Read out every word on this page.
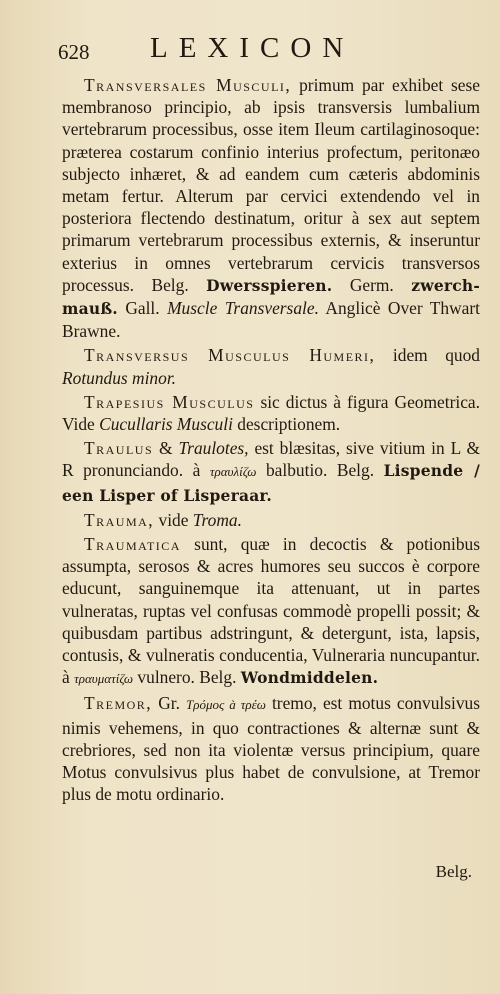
628 LEXICON

Transversales Musculi, primum par exhibet sese membranoso principio, ab ipsis transversis lumbalium vertebrarum processibus, osse item Ileum cartilaginosoque: præterea costarum confinio interius profectum, peritonæo subjecto inhæret, & ad eandem cum cæteris abdominis metam fertur. Alterum par cervici extendendo vel in posteriora flectendo destinatum, oritur à sex aut septem primarum vertebrarum processibus externis, & inseruntur exterius in omnes vertebrarum cervicis transversos processus. Belg. Dwersspieren. Germ. zwerch-mauß. Gall. Muscle Transversale. Anglicè Over Thwart Brawne.

Transversus Musculus Humeri, idem quod Rotundus minor.

Trapesius Musculus sic dictus à figura Geometrica. Vide Cucullaris Musculi descriptionem.

Traulus & Traulotes, est blæsitas, sive vitium in L & R pronunciando. à τραυλίζω balbutio. Belg. Lispende / een Lisper of Lisperaar.

Trauma, vide Troma.

Traumatica sunt, quæ in decoctis & potionibus assumpta, serosos & acres humores seu succos è corpore educunt, sanguinemque ita attenuant, ut in partes vulneratas, ruptas vel confusas commodè propelli possit; & quibusdam partibus adstringunt, & detergunt, ista, lapsis, contusis, & vulneratis conducentia, Vulneraria nuncupantur. à τραυματίζω vulnero. Belg. Wondmiddelen.

Tremor, Gr. Τρόμος à τρέω tremo, est motus convulsivus nimis vehemens, in quo contractiones & alternæ sunt & crebriores, sed non ita violentæ versus principium, quare Motus convulsivus plus habet de convulsione, at Tremor plus de motu ordinario.

Belg.
